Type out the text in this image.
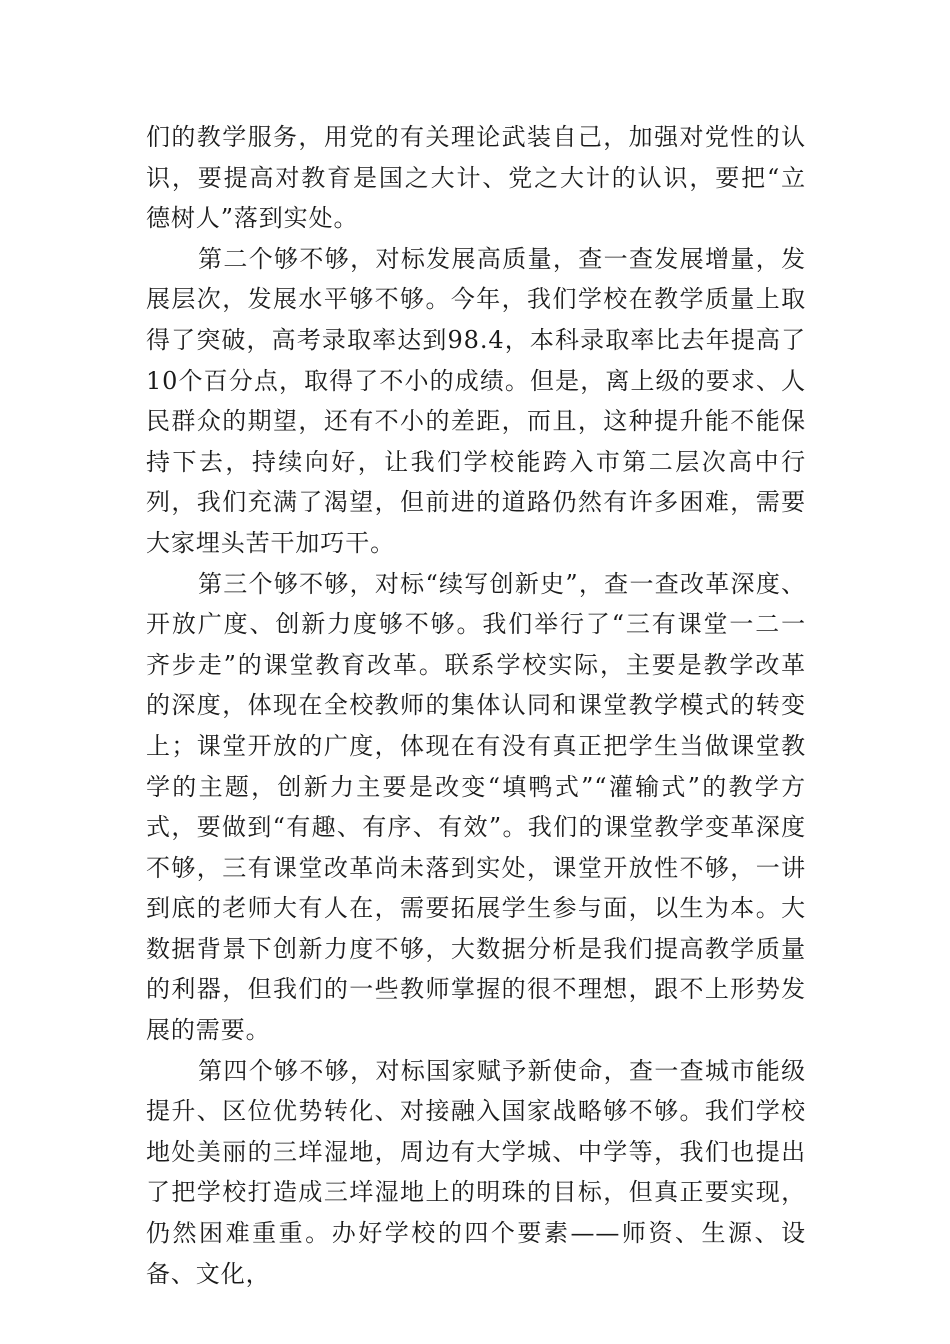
们的教学服务，用党的有关理论武装自己，加强对党性的认识，要提高对教育是国之大计、党之大计的认识，要把“立德树人”落到实处。

第二个够不够，对标发展高质量，查一查发展增量，发展层次，发展水平够不够。今年，我们学校在教学质量上取得了突破，高考录取率达到98.4，本科录取率比去年提高了10个百分点，取得了不小的成绩。但是，离上级的要求、人民群众的期望，还有不小的差距，而且，这种提升能不能保持下去，持续向好，让我们学校能跨入市第二层次高中行列，我们充满了渴望，但前进的道路仍然有许多困难，需要大家埋头苦干加巧干。

第三个够不够，对标“续写创新史”，查一查改革深度、开放广度、创新力度够不够。我们举行了“三有课堂一二一齐步走”的课堂教育改革。联系学校实际，主要是教学改革的深度，体现在全校教师的集体认同和课堂教学模式的转变上；课堂开放的广度，体现在有没有真正把学生当做课堂教学的主题，创新力主要是改变“填鸭式”“灌输式”的教学方式，要做到“有趣、有序、有效”。我们的课堂教学变革深度不够，三有课堂改革尚未落到实处，课堂开放性不够，一讲到底的老师大有人在，需要拓展学生参与面，以生为本。大数据背景下创新力度不够，大数据分析是我们提高教学质量的利器，但我们的一些教师掌握的很不理想，跟不上形势发展的需要。

第四个够不够，对标国家赋予新使命，查一查城市能级提升、区位优势转化、对接融入国家战略够不够。我们学校地处美丽的三垟湿地，周边有大学城、中学等，我们也提出了把学校打造成三垟湿地上的明珠的目标，但真正要实现，仍然困难重重。办好学校的四个要素——师资、生源、设备、文化，
